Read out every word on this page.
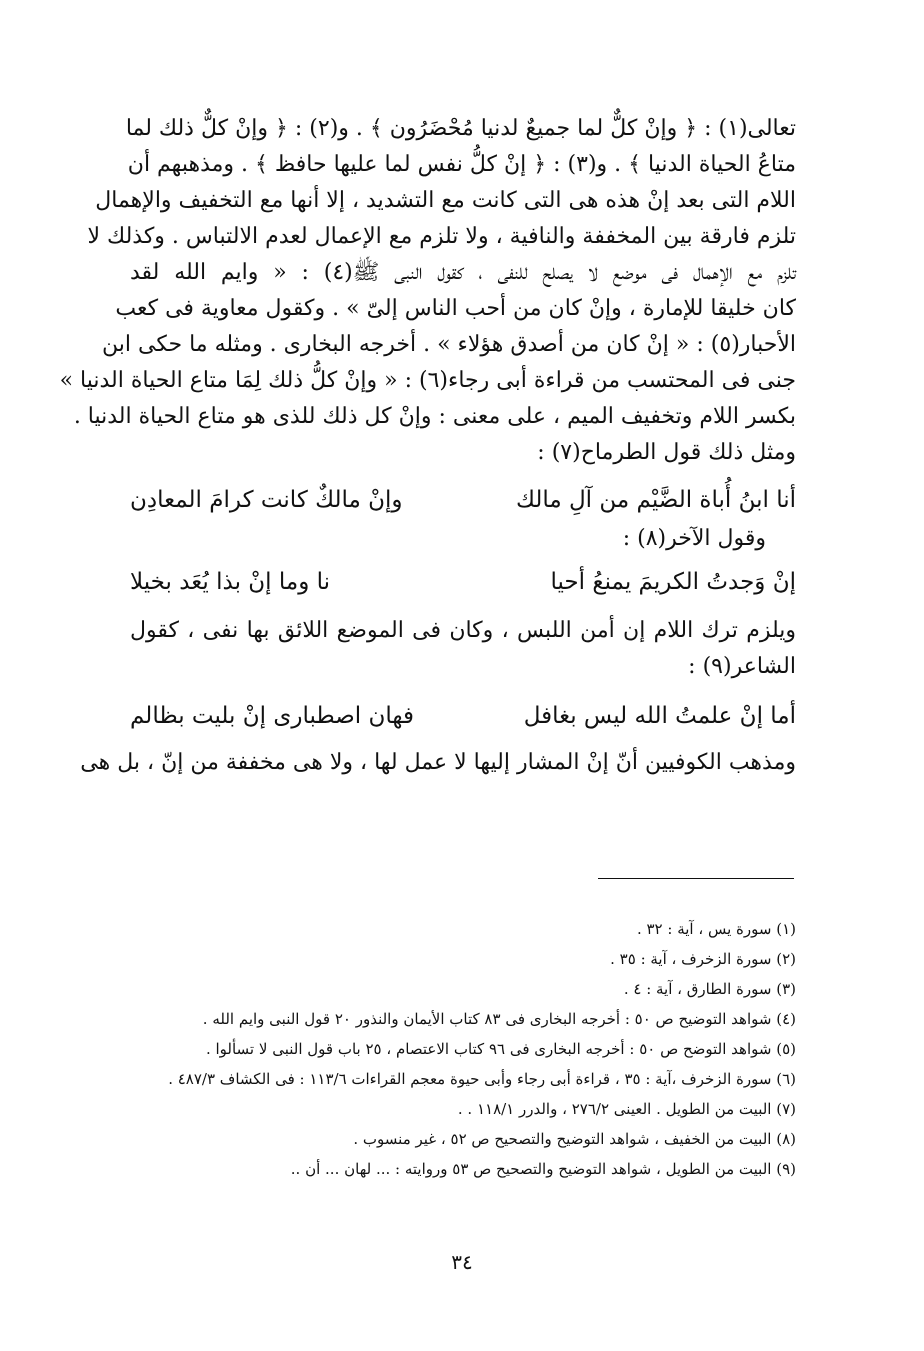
تعالى(١) : ﴿ وإنْ كلٌّ لما جميعٌ لدنيا مُحْضَرُون ﴾ . و(٢) : ﴿ وإنْ كلٌّ ذلك لما
متاعُ الحياة الدنيا ﴾ . و(٣) : ﴿ إنْ كلُّ نفس لما عليها حافظ ﴾ . ومذهبهم أن
اللام التى بعد إنْ هذه هى التى كانت مع التشديد ، إلا أنها مع التخفيف والإهمال
تلزم فارقة بين المخففة والنافية ، ولا تلزم مع الإعمال لعدم الالتباس . وكذلك لا
تلزم مع الإهمال فى موضع لا يصلح للنفى ، كقول النبى ﷺ(٤) : « وايم الله لقد
كان خليقا للإمارة ، وإنْ كان من أحب الناس إلىّ » . وكقول معاوية فى كعب
الأحبار(٥) : « إنْ كان من أصدق هؤلاء » . أخرجه البخارى . ومثله ما حكى ابن
جنى فى المحتسب من قراءة أبى رجاء(٦) : « وإنْ كلُّ ذلك لِمَا متاع الحياة الدنيا »
بكسر اللام وتخفيف الميم ، على معنى : وإنْ كل ذلك للذى هو متاع الحياة الدنيا .
ومثل ذلك قول الطرماح(٧) :
أنا ابنُ أُباة الضَّيْم من آلِ مالك
وإنْ مالكٌ كانت كرامَ المعادِن
وقول الآخر(٨) :
إنْ وَجدتُ الكريمَ يمنعُ أحيا
نا وما إنْ بذا يُعَد بخيلا
ويلزم ترك اللام إن أمن اللبس ، وكان فى الموضع اللائق بها نفى ، كقول
الشاعر(٩) :
أما إنْ علمتُ الله ليس بغافل
فهان اصطبارى إنْ بليت بظالم
ومذهب الكوفيين أنّ إنْ المشار إليها لا عمل لها ، ولا هى مخففة من إنّ ، بل هى
(١) سورة يس ، آية : ٣٢ .
(٢) سورة الزخرف ، آية : ٣٥ .
(٣) سورة الطارق ، آية : ٤ .
(٤) شواهد التوضيح ص ٥٠ : أخرجه البخارى فى ٨٣ كتاب الأيمان والنذور ٢٠ قول النبى وايم الله .
(٥) شواهد التوضح ص ٥٠ : أخرجه البخارى فى ٩٦ كتاب الاعتصام ، ٢٥ باب قول النبى لا تسألوا .
(٦) سورة الزخرف ،آية : ٣٥ ، قراءة أبى رجاء وأبى حيوة معجم القراءات ١١٣/٦ : فى الكشاف ٤٨٧/٣ .
(٧) البيت من الطويل . العينى ٢٧٦/٢ ، والدرر ١١٨/١ . .
(٨) البيت من الخفيف ، شواهد التوضيح والتصحيح ص ٥٢ ، غير منسوب .
(٩) البيت من الطويل ، شواهد التوضيح والتصحيح ص ٥٣ وروايته : ... لهان ... أن ..
٣٤
